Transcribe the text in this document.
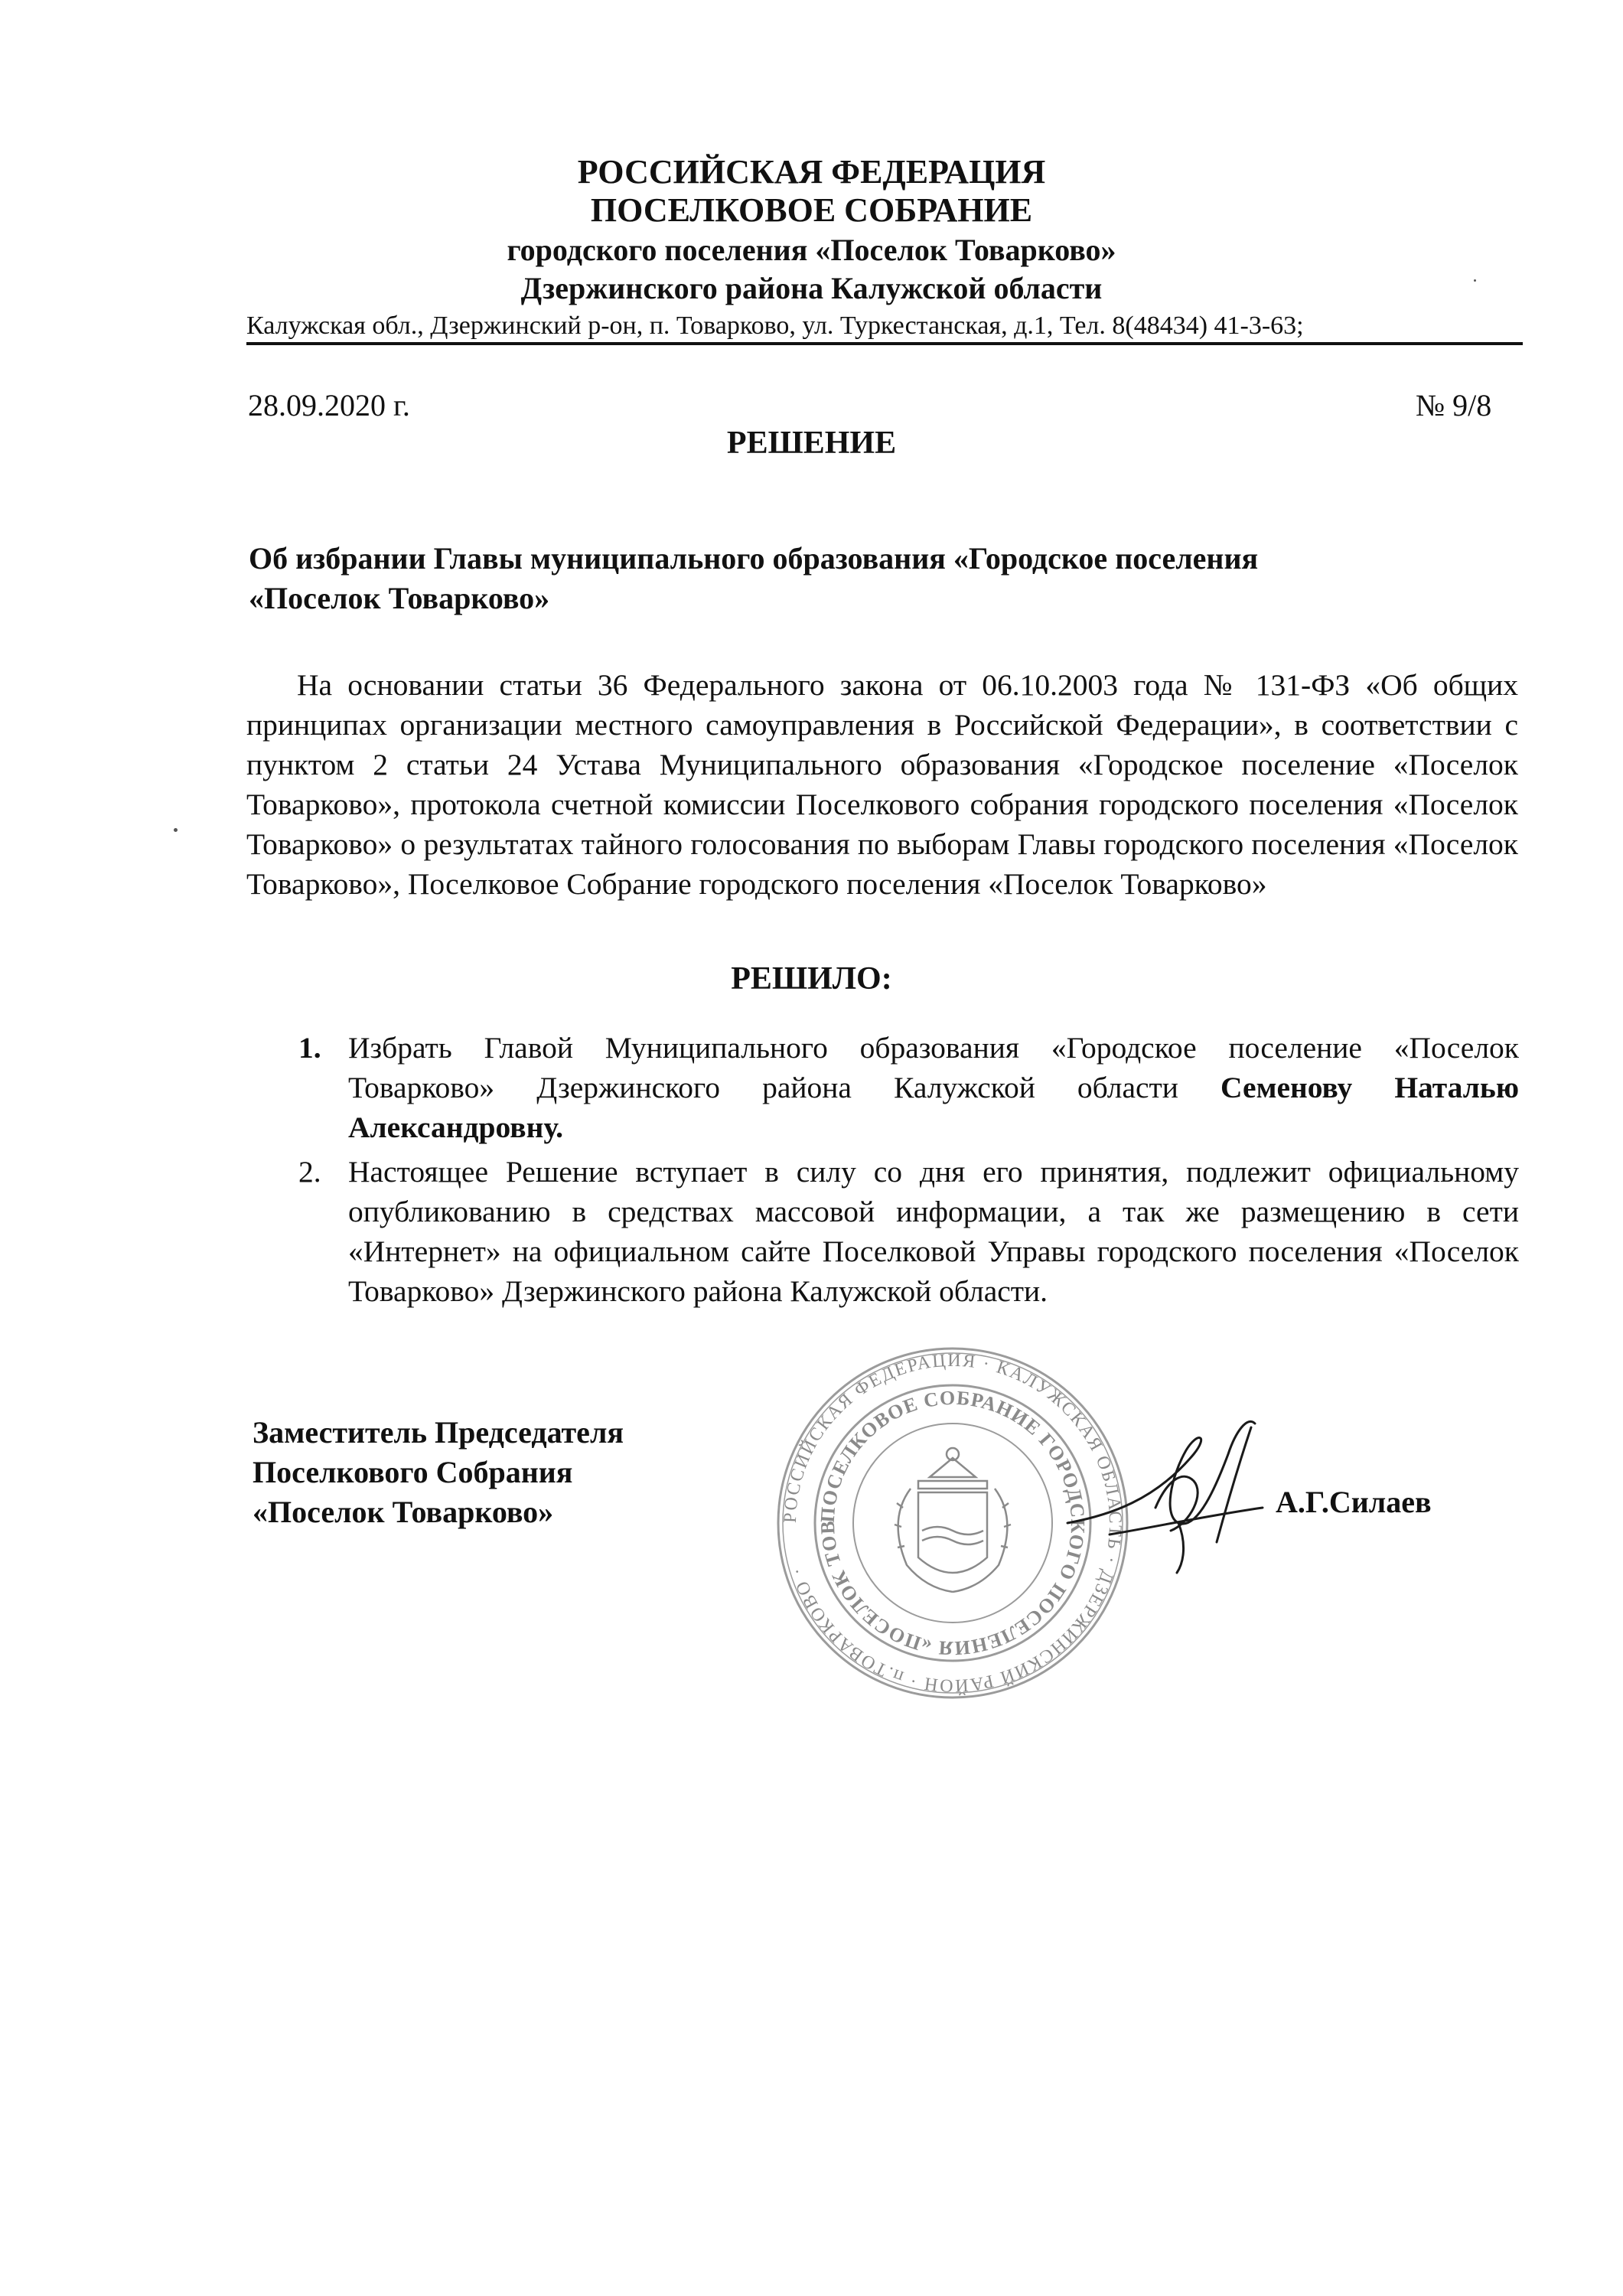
РОССИЙСКАЯ ФЕДЕРАЦИЯ

ПОСЕЛКОВОЕ СОБРАНИЕ

городского поселения «Поселок Товарково»

Дзержинского района Калужской области

Калужская обл., Дзержинский р-он, п. Товарково, ул. Туркестанская, д.1, Тел. 8(48434) 41-3-63;

28.09.2020 г.	№ 9/8

РЕШЕНИЕ

Об избрании Главы муниципального образования «Городское поселения

«Поселок Товарково»

На основании статьи 36 Федерального закона от 06.10.2003 года № 131-ФЗ «Об общих принципах организации местного самоуправления в Российской Федерации», в соответствии с пунктом 2 статьи 24 Устава Муниципального образования «Городское поселение «Поселок Товарково», протокола счетной комиссии Поселкового собрания городского поселения «Поселок Товарково» о результатах тайного голосования по выборам Главы городского поселения «Поселок Товарково», Поселковое Собрание городского поселения «Поселок Товарково»

РЕШИЛО:

1. Избрать Главой Муниципального образования «Городское поселение «Поселок Товарково» Дзержинского района Калужской области Семенову Наталью Александровну.

2. Настоящее Решение вступает в силу со дня его принятия, подлежит официальному опубликованию в средствах массовой информации, а так же размещению в сети «Интернет» на официальном сайте Поселковой Управы городского поселения «Поселок Товарково» Дзержинского района Калужской области.

Заместитель Председателя

Поселкового Собрания

«Поселок Товарково»	РОССИЙСКАЯ ФЕДЕРАЦИЯ · КАЛУЖСКАЯ ОБЛАСТЬ · ДЗЕРЖИНСКИЙ РАЙОН · п.ТОВАРКОВО ·
ПОСЕЛКОВОЕ СОБРАНИЕ ГОРОДСКОГО ПОСЕЛЕНИЯ «ПОСЕЛОК ТОВ

А.Г.Силаев
